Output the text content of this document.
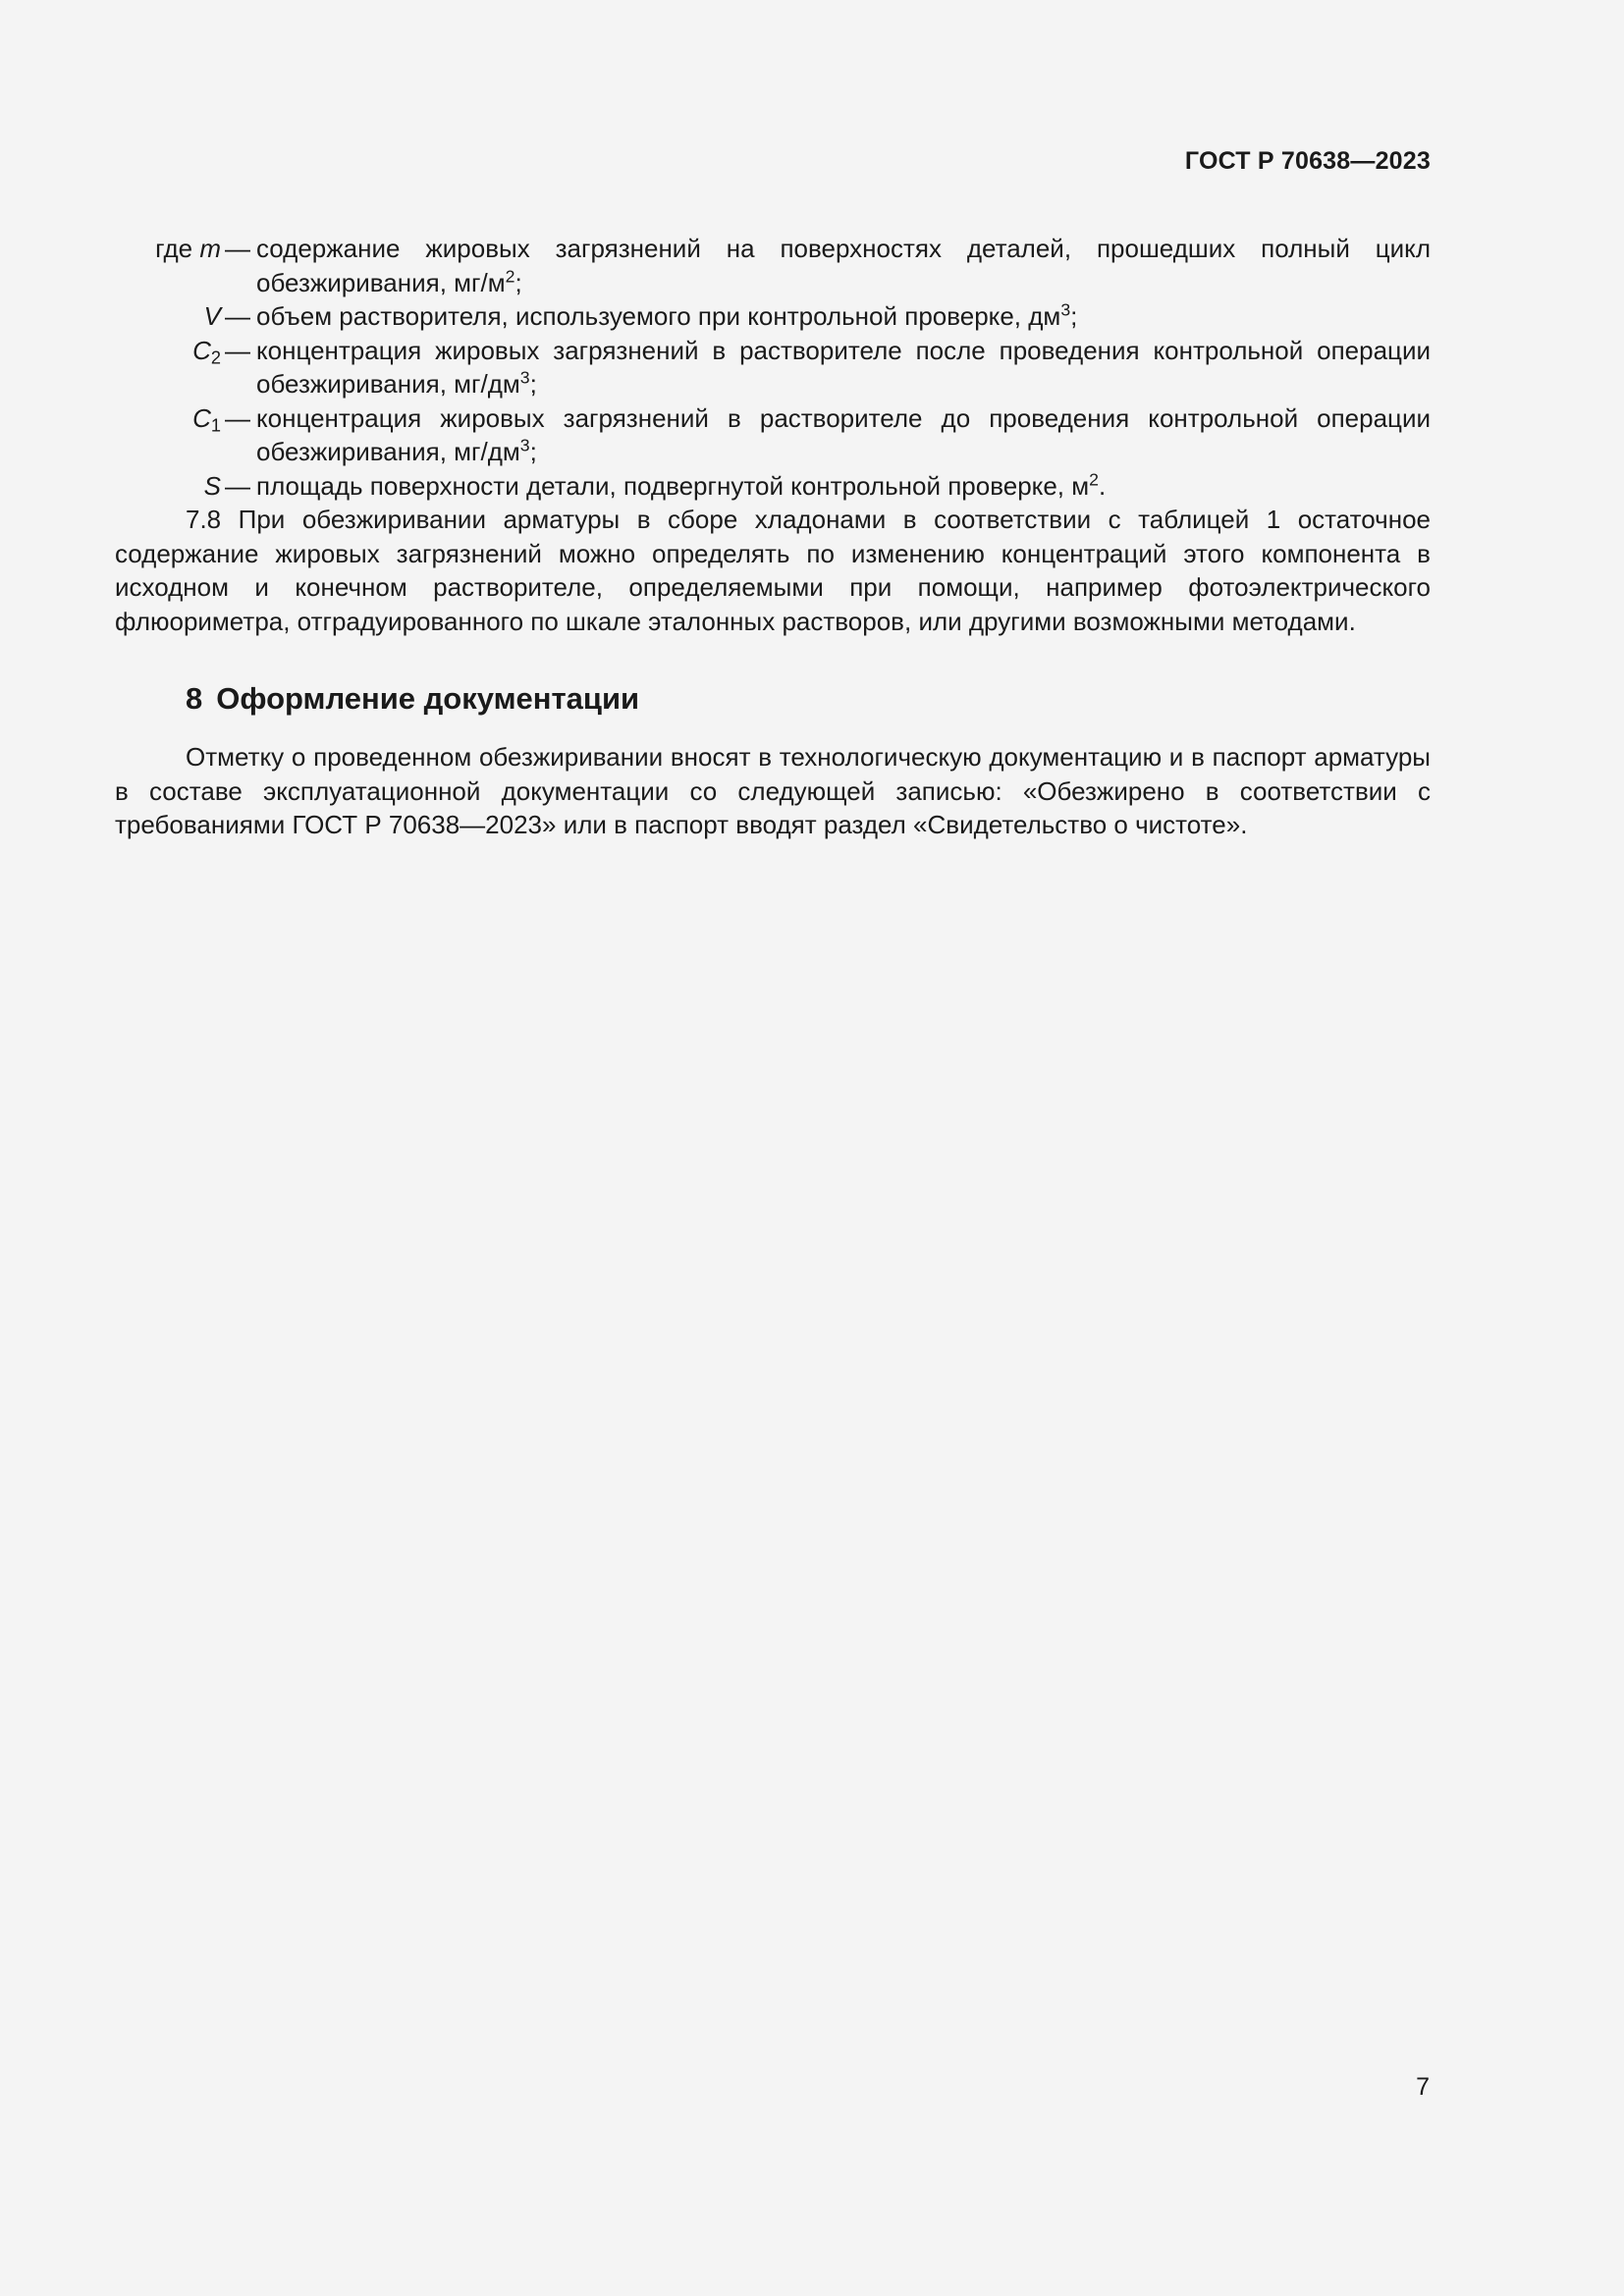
ГОСТ Р 70638—2023
где m — содержание жировых загрязнений на поверхностях деталей, прошедших полный цикл обезжиривания, $мг/м^2$;
V — объем растворителя, используемого при контрольной проверке, $дм^3$;
$C_2$ — концентрация жировых загрязнений в растворителе после проведения контрольной операции обезжиривания, $мг/дм^3$;
$C_1$ — концентрация жировых загрязнений в растворителе до проведения контрольной операции обезжиривания, $мг/дм^3$;
S — площадь поверхности детали, подвергнутой контрольной проверке, $м^2$.

7.8 При обезжиривании арматуры в сборе хладонами в соответствии с таблицей 1 остаточное содержание жировых загрязнений можно определять по изменению концентраций этого компонента в исходном и конечном растворителе, определяемыми при помощи, например фотоэлектрического флюориметра, отградуированного по шкале эталонных растворов, или другими возможными методами.

8 Оформление документации

Отметку о проведенном обезжиривании вносят в технологическую документацию и в паспорт арматуры в составе эксплуатационной документации со следующей записью: «Обезжирено в соответствии с требованиями ГОСТ Р 70638—2023» или в паспорт вводят раздел «Свидетельство о чистоте».

7
